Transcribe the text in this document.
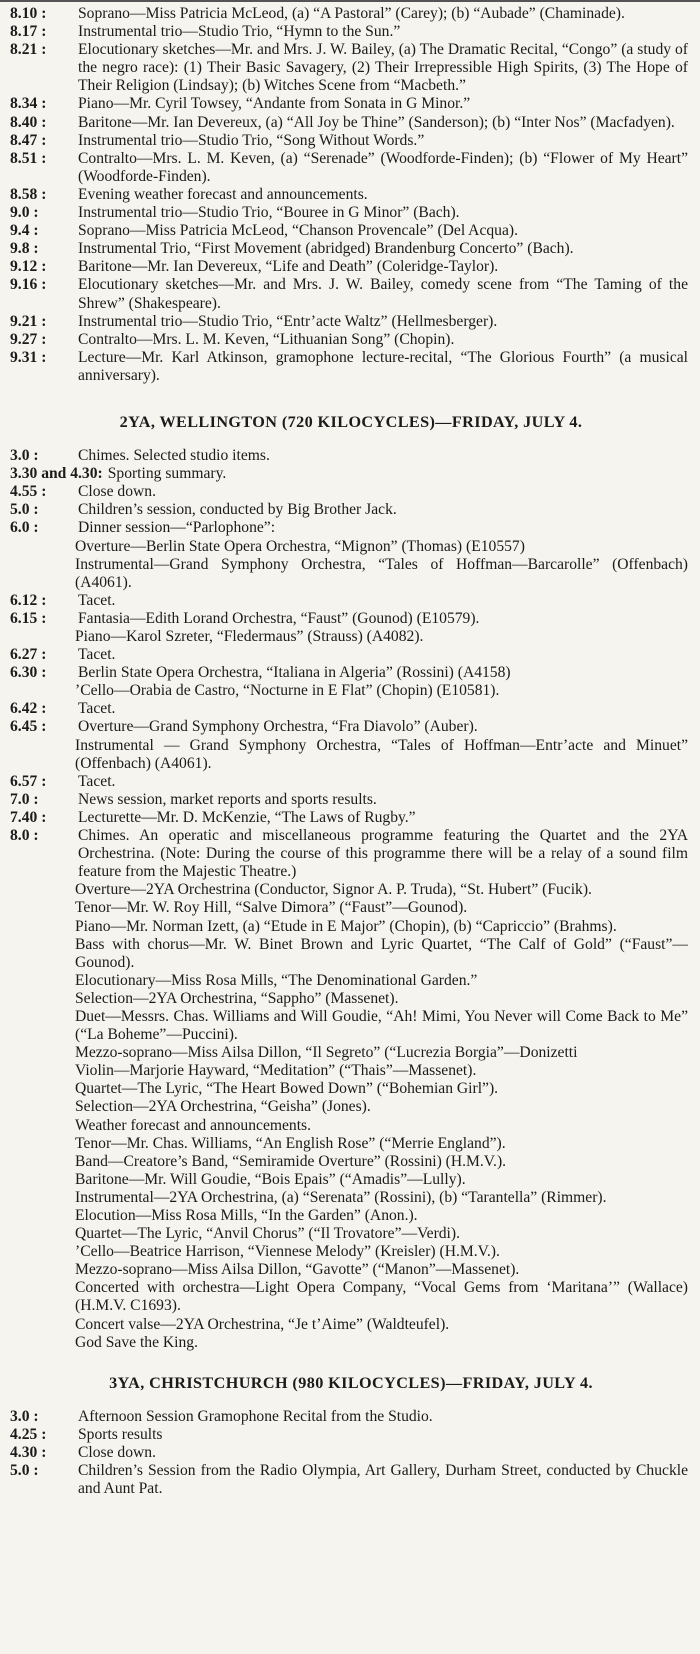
8.10 :	Soprano—Miss Patricia McLeod, (a) “A Pastoral” (Carey); (b) “Aubade” (Chaminade).
8.17 :	Instrumental trio—Studio Trio, “Hymn to the Sun.”
8.21 :	Elocutionary sketches—Mr. and Mrs. J. W. Bailey, (a) The Dramatic Recital, “Congo” (a study of the negro race): (1) Their Basic Savagery, (2) Their Irrepressible High Spirits, (3) The Hope of Their Religion (Lindsay); (b) Witches Scene from “Macbeth.”
8.34 :	Piano—Mr. Cyril Towsey, “Andante from Sonata in G Minor.”
8.40 :	Baritone—Mr. Ian Devereux, (a) “All Joy be Thine” (Sanderson); (b) “Inter Nos” (Macfadyen).
8.47 :	Instrumental trio—Studio Trio, “Song Without Words.”
8.51 :	Contralto—Mrs. L. M. Keven, (a) “Serenade” (Woodforde-Finden); (b) “Flower of My Heart” (Woodforde-Finden).
8.58 :	Evening weather forecast and announcements.
9.0 :	Instrumental trio—Studio Trio, “Bouree in G Minor” (Bach).
9.4 :	Soprano—Miss Patricia McLeod, “Chanson Provencale” (Del Acqua).
9.8 :	Instrumental Trio, “First Movement (abridged) Brandenburg Concerto” (Bach).
9.12 :	Baritone—Mr. Ian Devereux, “Life and Death” (Coleridge-Taylor).
9.16 :	Elocutionary sketches—Mr. and Mrs. J. W. Bailey, comedy scene from “The Taming of the Shrew” (Shakespeare).
9.21 :	Instrumental trio—Studio Trio, “Entr’acte Waltz” (Hellmesberger).
9.27 :	Contralto—Mrs. L. M. Keven, “Lithuanian Song” (Chopin).
9.31 :	Lecture—Mr. Karl Atkinson, gramophone lecture-recital, “The Glorious Fourth” (a musical anniversary).
2YA, WELLINGTON (720 KILOCYCLES)—FRIDAY, JULY 4.
3.0 :	Chimes. Selected studio items.
3.30 and 4.30: Sporting summary.
4.55 :	Close down.
5.0 :	Children’s session, conducted by Big Brother Jack.
6.0 :	Dinner session—“Parlophone”:
Overture—Berlin State Opera Orchestra, “Mignon” (Thomas) (E10557)
Instrumental—Grand Symphony Orchestra, “Tales of Hoffman—Barcarolle” (Offenbach) (A4061).
6.12 :	Tacet.
6.15 :	Fantasia—Edith Lorand Orchestra, “Faust” (Gounod) (E10579).
Piano—Karol Szreter, “Fledermaus” (Strauss) (A4082).
6.27 :	Tacet.
6.30 :	Berlin State Opera Orchestra, “Italiana in Algeria” (Rossini) (A4158)
’Cello—Orabia de Castro, “Nocturne in E Flat” (Chopin) (E10581).
6.42 :	Tacet.
6.45 :	Overture—Grand Symphony Orchestra, “Fra Diavolo” (Auber).
Instrumental — Grand Symphony Orchestra, “Tales of Hoffman—Entr’acte and Minuet” (Offenbach) (A4061).
6.57 :	Tacet.
7.0 :	News session, market reports and sports results.
7.40 :	Lecturette—Mr. D. McKenzie, “The Laws of Rugby.”
8.0 :	Chimes. An operatic and miscellaneous programme featuring the Quartet and the 2YA Orchestrina. (Note: During the course of this programme there will be a relay of a sound film feature from the Majestic Theatre.)
Overture—2YA Orchestrina (Conductor, Signor A. P. Truda), “St. Hubert” (Fucik).
Tenor—Mr. W. Roy Hill, “Salve Dimora” (“Faust”—Gounod).
Piano—Mr. Norman Izett, (a) “Etude in E Major” (Chopin), (b) “Capriccio” (Brahms).
Bass with chorus—Mr. W. Binet Brown and Lyric Quartet, “The Calf of Gold” (“Faust”—Gounod).
Elocutionary—Miss Rosa Mills, “The Denominational Garden.”
Selection—2YA Orchestrina, “Sappho” (Massenet).
Duet—Messrs. Chas. Williams and Will Goudie, “Ah! Mimi, You Never will Come Back to Me” (“La Boheme”—Puccini).
Mezzo-soprano—Miss Ailsa Dillon, “Il Segreto” (“Lucrezia Borgia”—Donizetti
Violin—Marjorie Hayward, “Meditation” (“Thais”—Massenet).
Quartet—The Lyric, “The Heart Bowed Down” (“Bohemian Girl”).
Selection—2YA Orchestrina, “Geisha” (Jones).
Weather forecast and announcements.
Tenor—Mr. Chas. Williams, “An English Rose” (“Merrie England”).
Band—Creatore’s Band, “Semiramide Overture” (Rossini) (H.M.V.).
Baritone—Mr. Will Goudie, “Bois Epais” (“Amadis”—Lully).
Instrumental—2YA Orchestrina, (a) “Serenata” (Rossini), (b) “Tarantella” (Rimmer).
Elocution—Miss Rosa Mills, “In the Garden” (Anon.).
Quartet—The Lyric, “Anvil Chorus” (“Il Trovatore”—Verdi).
’Cello—Beatrice Harrison, “Viennese Melody” (Kreisler) (H.M.V.).
Mezzo-soprano—Miss Ailsa Dillon, “Gavotte” (“Manon”—Massenet).
Concerted with orchestra—Light Opera Company, “Vocal Gems from ‘Maritana’” (Wallace) (H.M.V. C1693).
Concert valse—2YA Orchestrina, “Je t’Aime” (Waldteufel).
God Save the King.
3YA, CHRISTCHURCH (980 KILOCYCLES)—FRIDAY, JULY 4.
3.0 :	Afternoon Session Gramophone Recital from the Studio.
4.25 :	Sports results
4.30 :	Close down.
5.0 :	Children’s Session from the Radio Olympia, Art Gallery, Durham Street, conducted by Chuckle and Aunt Pat.
